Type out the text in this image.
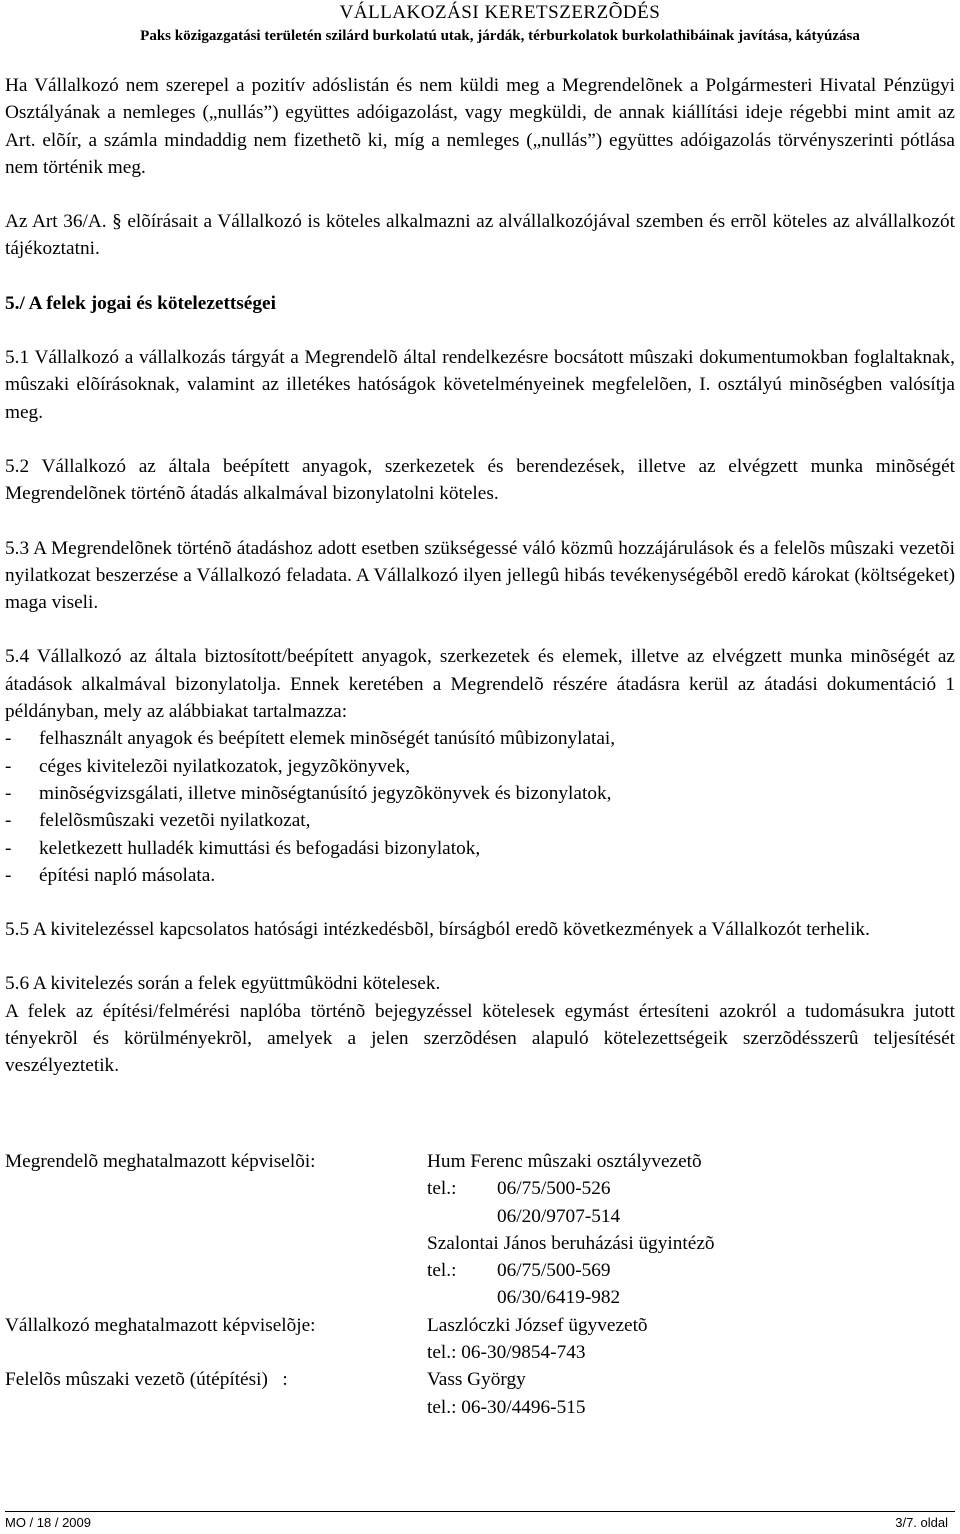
VÁLLAKOZÁSI KERETSZERZÕDÉS
Paks közigazgatási területén szilárd burkolatú utak, járdák, térburkolatok burkolathibáinak javítása, kátyúzása

Ha Vállalkozó nem szerepel a pozitív adóslistán és nem küldi meg a Megrendelõnek a Polgármesteri Hivatal Pénzügyi Osztályának a nemleges („nullás”) együttes adóigazolást, vagy megküldi, de annak kiállítási ideje régebbi mint amit az Art. elõír, a számla mindaddig nem fizethetõ ki, míg a nemleges („nullás”) együttes adóigazolás törvényszerinti pótlása nem történik meg.

Az Art 36/A. § elõírásait a Vállalkozó is köteles alkalmazni az alvállalkozójával szemben és errõl köteles az alvállalkozót tájékoztatni.

5./ A felek jogai és kötelezettségei

5.1 Vállalkozó a vállalkozás tárgyát a Megrendelõ által rendelkezésre bocsátott mûszaki dokumentumokban foglaltaknak, mûszaki elõírásoknak, valamint az illetékes hatóságok követelményeinek megfelelõen, I. osztályú minõségben valósítja meg.

5.2 Vállalkozó az általa beépített anyagok, szerkezetek és berendezések, illetve az elvégzett munka minõségét Megrendelõnek történõ átadás alkalmával bizonylatolni köteles.

5.3 A Megrendelõnek történõ átadáshoz adott esetben szükségessé váló közmû hozzájárulások és a felelõs mûszaki vezetõi nyilatkozat beszerzése a Vállalkozó feladata. A Vállalkozó ilyen jellegû hibás tevékenységébõl eredõ károkat (költségeket) maga viseli.

5.4 Vállalkozó az általa biztosított/beépített anyagok, szerkezetek és elemek, illetve az elvégzett munka minõségét az átadások alkalmával bizonylatolja. Ennek keretében a Megrendelõ részére átadásra kerül az átadási dokumentáció 1 példányban, mely az alábbiakat tartalmazza:

- felhasznált anyagok és beépített elemek minõségét tanúsító mûbizonylatai,
- céges kivitelezõi nyilatkozatok, jegyzõkönyvek,
- minõségvizsgálati, illetve minõségtanúsító jegyzõkönyvek és bizonylatok,
- felelõsmûszaki vezetõi nyilatkozat,
- keletkezett hulladék kimuttási és befogadási bizonylatok,
- építési napló másolata.

5.5 A kivitelezéssel kapcsolatos hatósági intézkedésbõl, bírságból eredõ következmények a Vállalkozót terhelik.

5.6 A kivitelezés során a felek együttmûködni kötelesek.

A felek az építési/felmérési naplóba történõ bejegyzéssel kötelesek egymást értesíteni azokról a tudomásukra jutott tényekrõl és körülményekrõl, amelyek a jelen szerzõdésen alapuló kötelezettségeik szerzõdésszerû teljesítését veszélyeztetik.

Megrendelõ meghatalmazott képviselõi:	Hum Ferenc mûszaki osztályvezetõ
tel.:	06/75/500-526
06/20/9707-514
Szalontai János beruházási ügyintézõ
tel.:	06/75/500-569
06/30/6419-982
Vállalkozó meghatalmazott képviselõje:	Laszlóczki József ügyvezetõ
tel.: 06-30/9854-743
Felelõs mûszaki vezetõ (útépítési)   :	Vass György
tel.: 06-30/4496-515
MO / 18 / 2009	3/7. oldal
